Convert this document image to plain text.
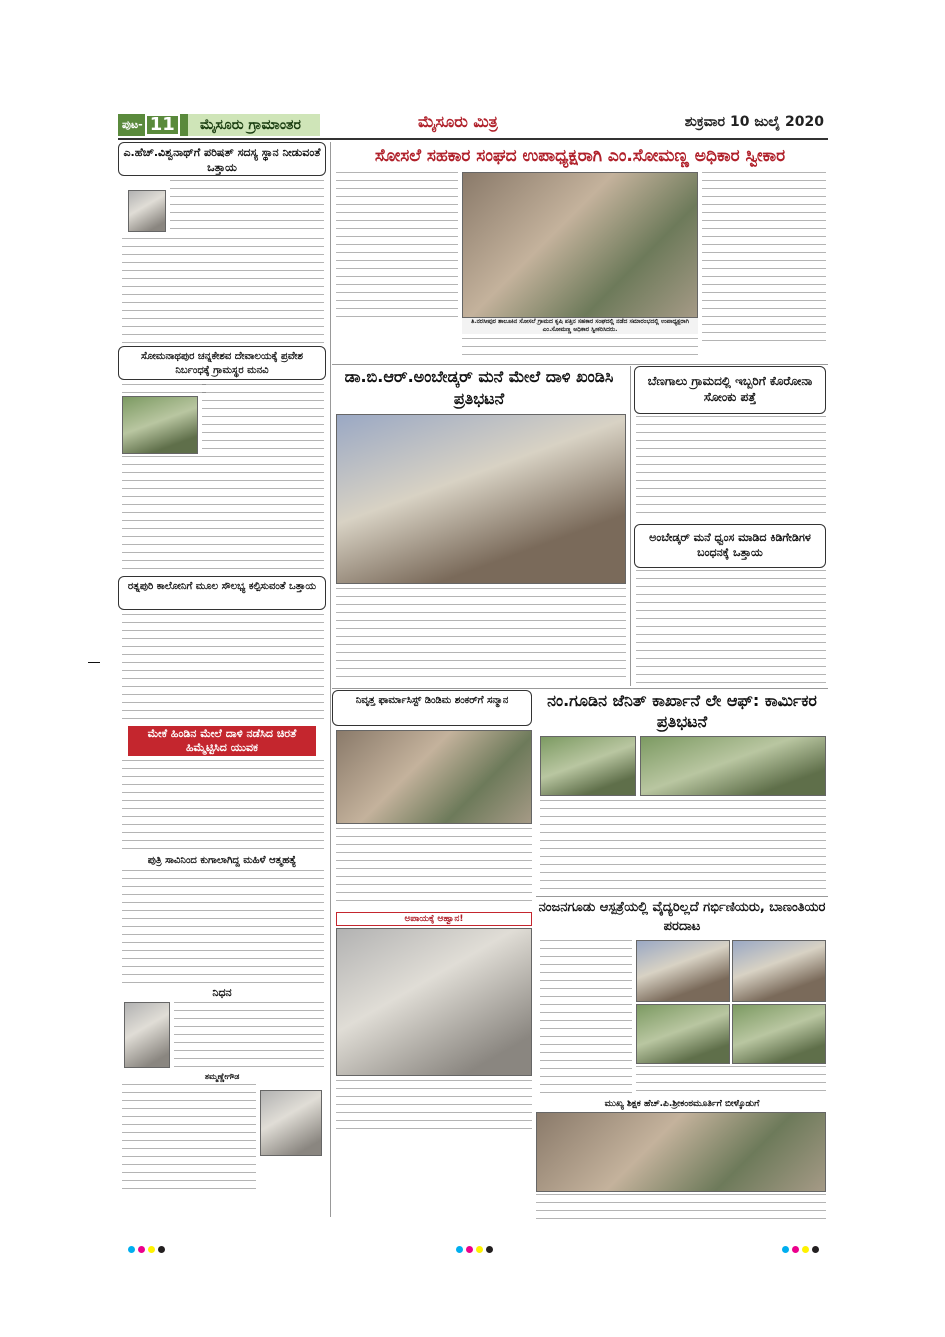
ಮೈಸೂರು ಗ್ರಾಮಾಂತರ
ಪುಟ- 11	ಮೈಸೂರು ಮಿತ್ರ	ಶುಕ್ರವಾರ 10 ಜುಲೈ 2020
ಎ.ಹೆಚ್.ವಿಶ್ವನಾಥ್‌ಗೆ ಪರಿಷತ್ ಸದಸ್ಯ ಸ್ಥಾನ ನೀಡುವಂತೆ ಒತ್ತಾಯ
ಸೋಮನಾಥಪುರ ಚನ್ನಕೇಶವ ದೇವಾಲಯಕ್ಕೆ ಪ್ರವೇಶ ನಿರ್ಬಂಧಕ್ಕೆ ಗ್ರಾಮಸ್ಥರ ಮನವಿ
ರತ್ನಪುರಿ ಕಾಲೋನಿಗೆ ಮೂಲ ಸೌಲಭ್ಯ ಕಲ್ಪಿಸುವಂತೆ ಒತ್ತಾಯ
ಮೇಕೆ ಹಿಂಡಿನ ಮೇಲೆ ದಾಳಿ ನಡೆಸಿದ ಚಿರತೆ ಹಿಮ್ಮೆಟ್ಟಿಸಿದ ಯುವಕ
ಪುತ್ರಿ ಸಾವಿನಿಂದ ಕುಗಾಲಾಗಿದ್ದ ಮಹಿಳೆ ಆತ್ಮಹತ್ಯೆ
ನಿಧನ
ತಮ್ಮಣ್ಣೇಗೌಡ
ಸೋಸಲೆ ಸಹಕಾರ ಸಂಘದ ಉಪಾಧ್ಯಕ್ಷರಾಗಿ ಎಂ.ಸೋಮಣ್ಣ ಅಧಿಕಾರ ಸ್ವೀಕಾರ
ತಿ.ನರಸೀಪುರ ತಾಲೂಕಿನ ಸೋಸಲೆ ಗ್ರಾಮದ ಕೃಷಿ ಪತ್ತಿನ ಸಹಕಾರ ಸಂಘದಲ್ಲಿ ನಡೆದ ಸಮಾರಂಭದಲ್ಲಿ ಉಪಾಧ್ಯಕ್ಷರಾಗಿ ಎಂ.ಸೋಮಣ್ಣ ಅಧಿಕಾರ ಸ್ವೀಕರಿಸಿದರು.
ಡಾ.ಬಿ.ಆರ್.ಅಂಬೇಡ್ಕರ್ ಮನೆ ಮೇಲೆ ದಾಳಿ ಖಂಡಿಸಿ ಪ್ರತಿಭಟನೆ
ಬೆಣಗಾಲು ಗ್ರಾಮದಲ್ಲಿ ಇಬ್ಬರಿಗೆ ಕೊರೋನಾ ಸೋಂಕು ಪತ್ತೆ
ಅಂಬೇಡ್ಕರ್ ಮನೆ ಧ್ವಂಸ ಮಾಡಿದ ಕಿಡಿಗೇಡಿಗಳ ಬಂಧನಕ್ಕೆ ಒತ್ತಾಯ
ನಿವೃತ್ತ ಫಾರ್ಮಾಸಿಸ್ಟ್ ಡಿಂಡಿಮ ಶಂಕರ್‌ಗೆ ಸನ್ಮಾನ	ನಂ.ಗೂಡಿನ ಜೆನಿತ್ ಕಾರ್ಖಾನೆ ಲೇ ಆಫ್: ಕಾರ್ಮಿಕರ ಪ್ರತಿಭಟನೆ
ಅಪಾಯಕ್ಕೆ ಆಹ್ವಾನ!
ನಂಜನಗೂಡು ಆಸ್ಪತ್ರೆಯಲ್ಲಿ ವೈದ್ಯರಿಲ್ಲದೆ ಗರ್ಭಿಣಿಯರು, ಬಾಣಂತಿಯರ ಪರದಾಟ
ಮುಖ್ಯ ಶಿಕ್ಷಕ ಹೆಚ್.ಪಿ.ಶ್ರೀಕಂಠಮೂರ್ತಿಗೆ ಬೀಳ್ಕೊಡುಗೆ
